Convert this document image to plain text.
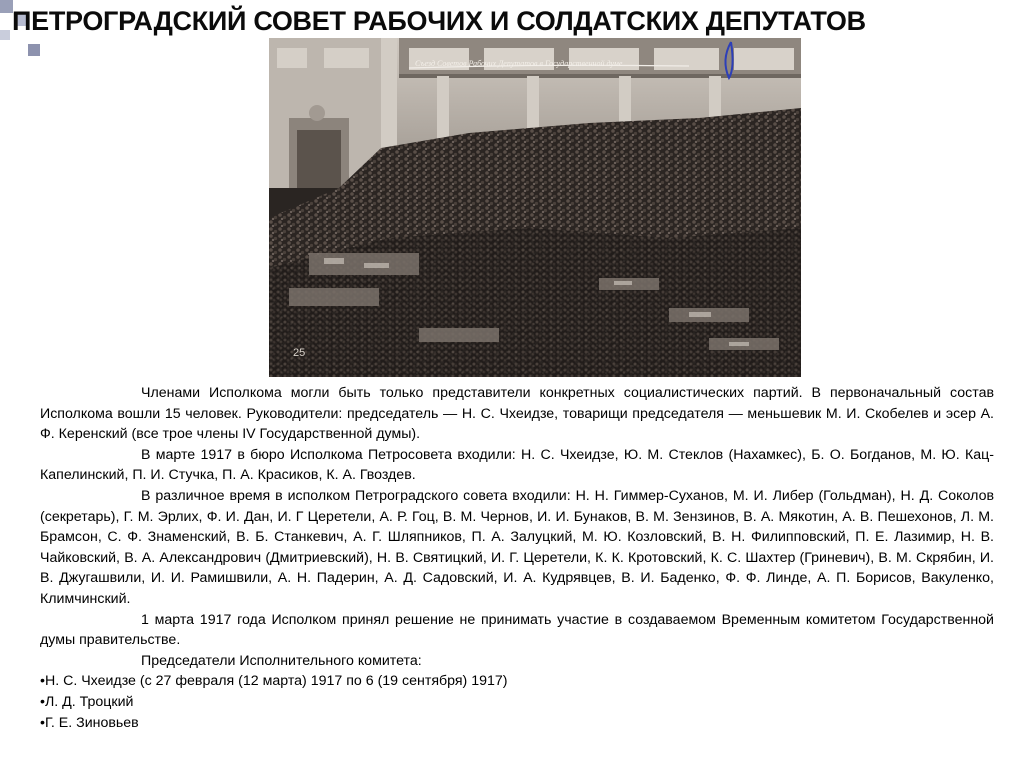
ПЕТРОГРАДСКИЙ СОВЕТ РАБОЧИХ И СОЛДАТСКИХ ДЕПУТАТОВ
25
Съезд Советов Рабочих Депутатов в Государственной думе

Членами Исполкома могли быть только представители конкретных социалистических партий. В первоначальный состав Исполкома вошли 15 человек. Руководители: председатель — Н. С. Чхеидзе, товарищи председателя — меньшевик М. И. Скобелев и эсер А. Ф. Керенский (все трое члены IV Государственной думы).

В марте 1917 в бюро Исполкома Петросовета входили: Н. С. Чхеидзе, Ю. М. Стеклов (Нахамкес), Б. О. Богданов, М. Ю. Кац-Капелинский, П. И. Стучка, П. А. Красиков, К. А. Гвоздев.

В различное время в исполком Петроградского совета входили: Н. Н. Гиммер-Суханов, М. И. Либер (Гольдман), Н. Д. Соколов (секретарь), Г. М. Эрлих, Ф. И. Дан, И. Г Церетели, А. Р. Гоц, В. М. Чернов, И. И. Бунаков, В. М. Зензинов, В. А. Мякотин, А. В. Пешехонов, Л. М. Брамсон, С. Ф. Знаменский, В. Б. Станкевич, А. Г. Шляпников, П. А. Залуцкий, М. Ю. Козловский, В. Н. Филипповский, П. Е. Лазимир, Н. В. Чайковский, В. А. Александрович (Дмитриевский), Н. В. Святицкий, И. Г. Церетели, К. К. Кротовский, К. С. Шахтер (Гриневич), В. М. Скрябин, И. В. Джугашвили, И. И. Рамишвили, А. Н. Падерин, А. Д. Садовский, И. А. Кудрявцев, В. И. Баденко, Ф. Ф. Линде, А. П. Борисов, Вакуленко, Климчинский.

1 марта 1917 года Исполком принял решение не принимать участие в создаваемом Временным комитетом Государственной думы правительстве.

Председатели Исполнительного комитета:

• Н. С. Чхеидзе (с 27 февраля (12 марта) 1917 по 6 (19 сентября) 1917)
• Л. Д. Троцкий
• Г. Е. Зиновьев
